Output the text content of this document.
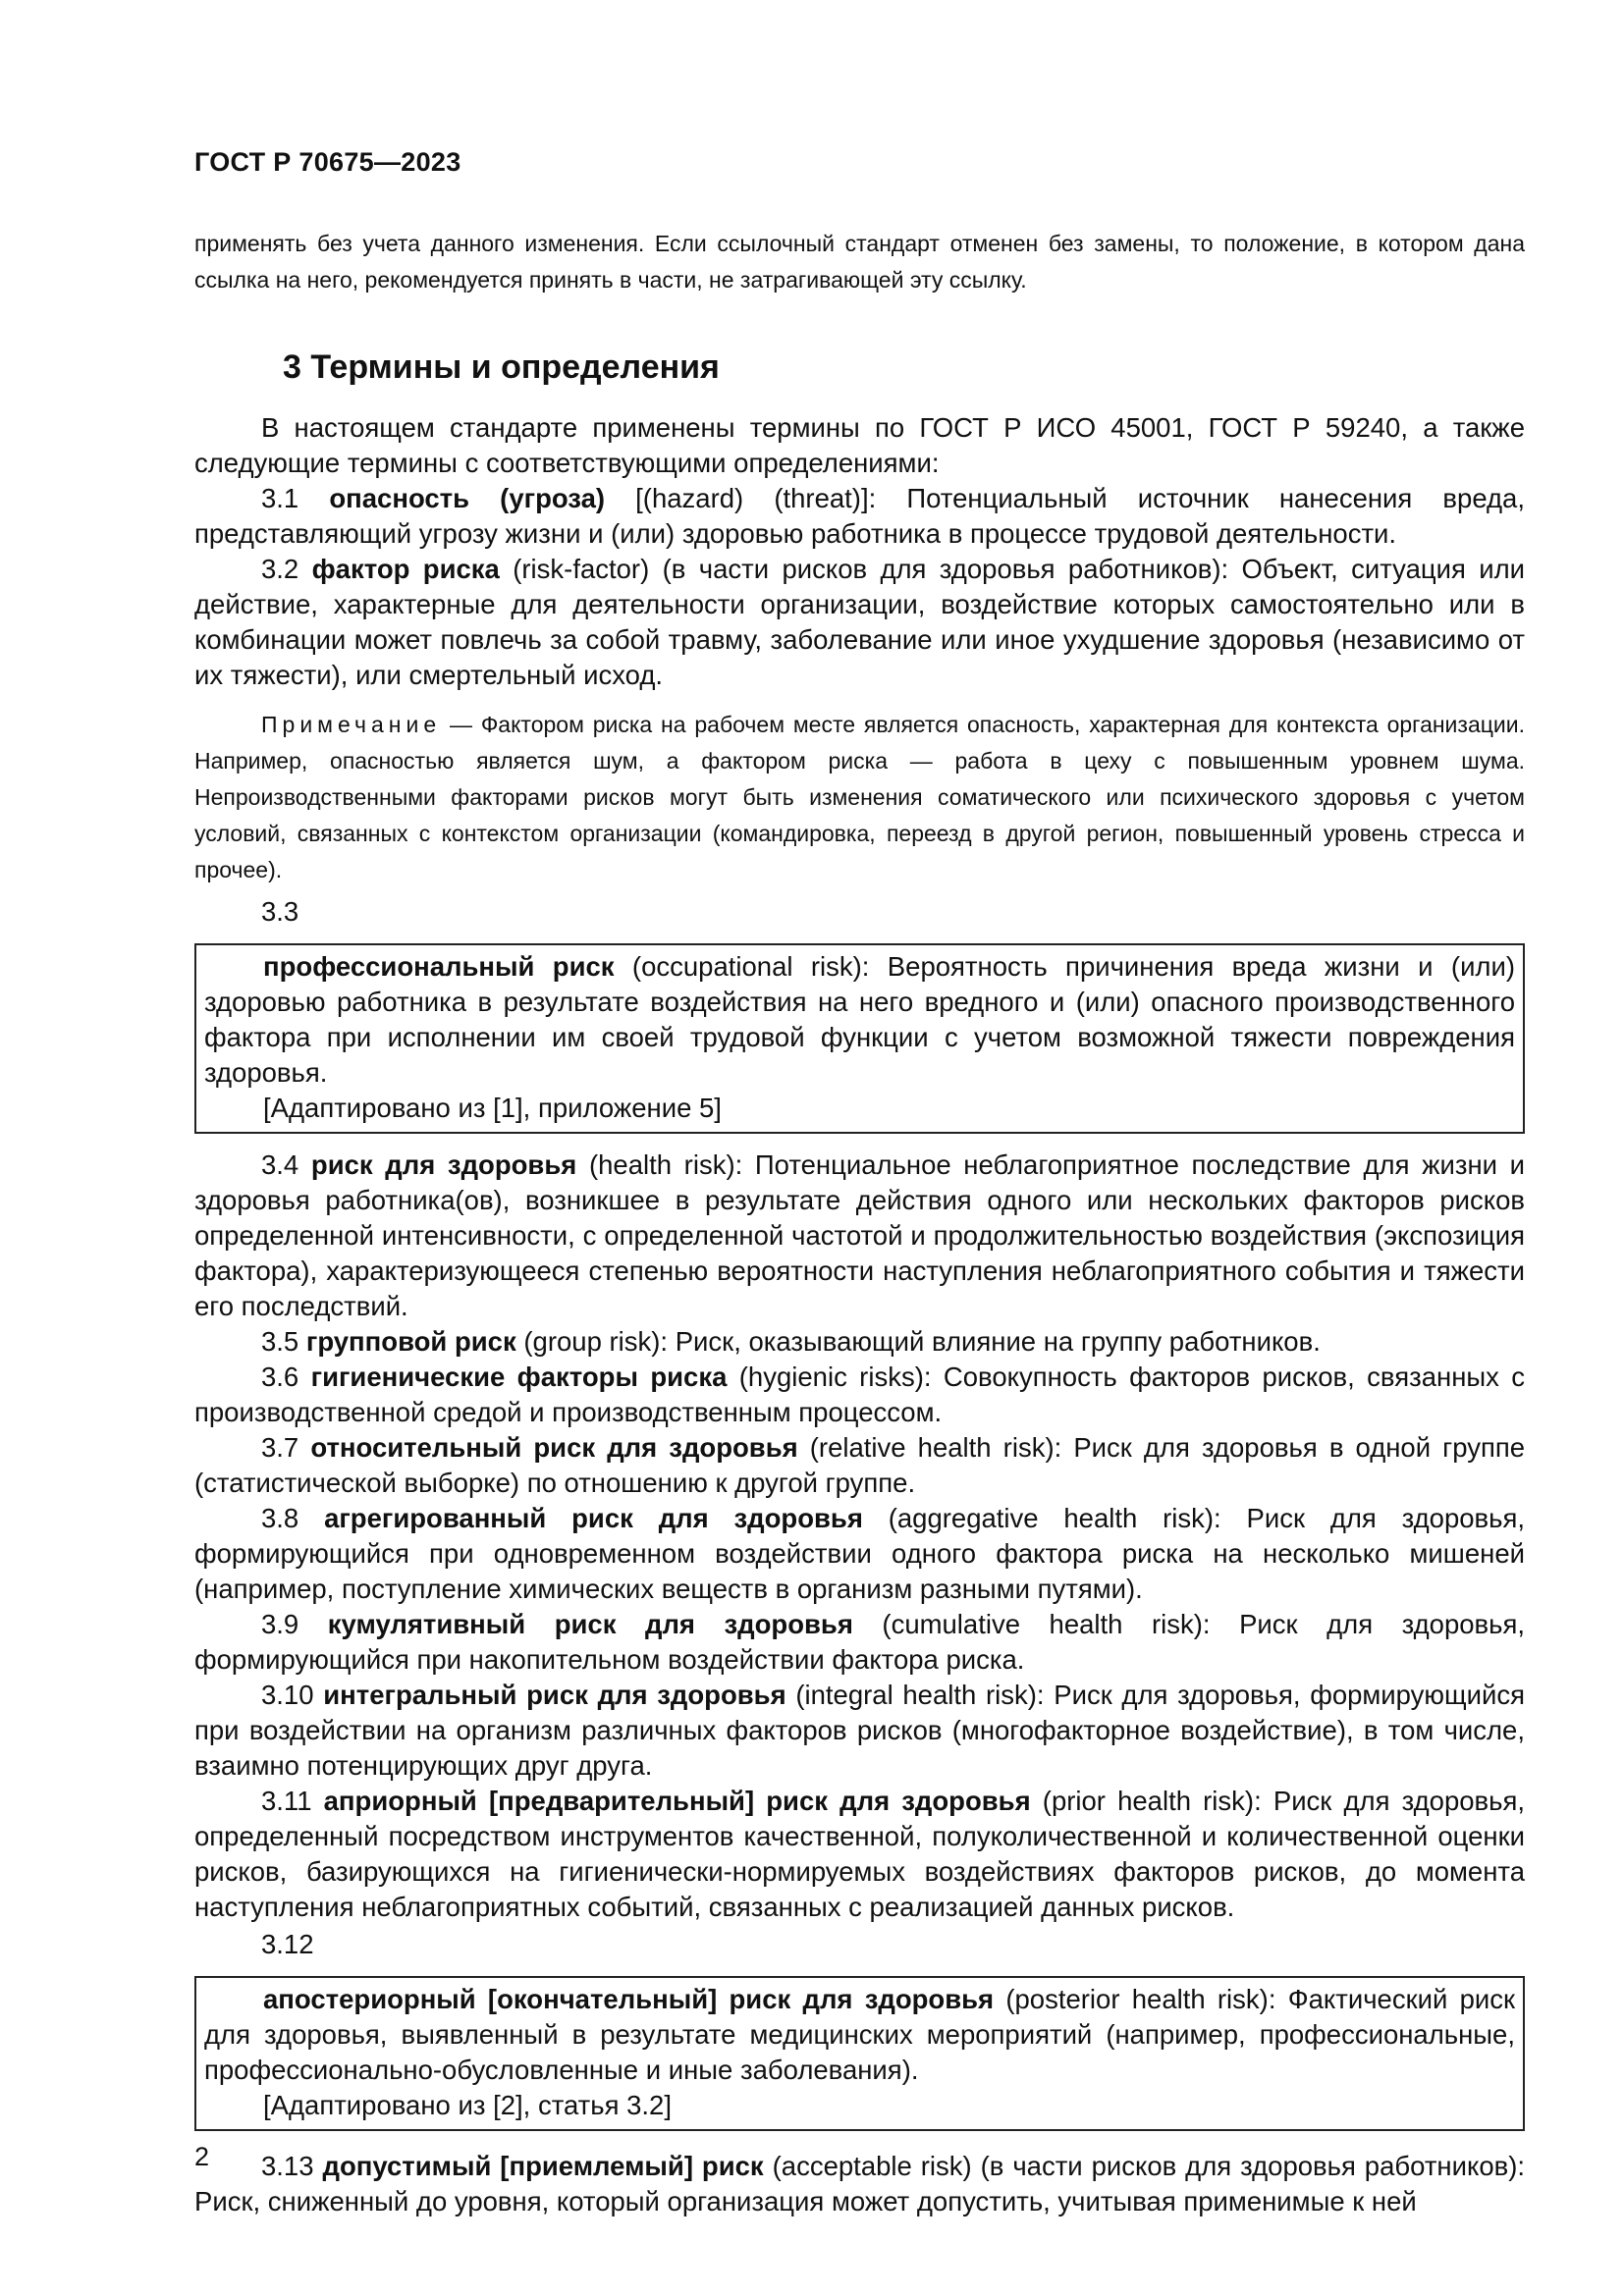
ГОСТ Р 70675—2023

применять без учета данного изменения. Если ссылочный стандарт отменен без замены, то положение, в котором дана ссылка на него, рекомендуется принять в части, не затрагивающей эту ссылку.

3 Термины и определения

В настоящем стандарте применены термины по ГОСТ Р ИСО 45001, ГОСТ Р 59240, а также следующие термины с соответствующими определениями:

3.1 опасность (угроза) [(hazard) (threat)]: Потенциальный источник нанесения вреда, представляющий угрозу жизни и (или) здоровью работника в процессе трудовой деятельности.

3.2 фактор риска (risk-factor) (в части рисков для здоровья работников): Объект, ситуация или действие, характерные для деятельности организации, воздействие которых самостоятельно или в комбинации может повлечь за собой травму, заболевание или иное ухудшение здоровья (независимо от их тяжести), или смертельный исход.

Примечание — Фактором риска на рабочем месте является опасность, характерная для контекста организации. Например, опасностью является шум, а фактором риска — работа в цеху с повышенным уровнем шума. Непроизводственными факторами рисков могут быть изменения соматического или психического здоровья с учетом условий, связанных с контекстом организации (командировка, переезд в другой регион, повышенный уровень стресса и прочее).

3.3

профессиональный риск (occupational risk): Вероятность причинения вреда жизни и (или) здоровью работника в результате воздействия на него вредного и (или) опасного производственного фактора при исполнении им своей трудовой функции с учетом возможной тяжести повреждения здоровья.

[Адаптировано из [1], приложение 5]

3.4 риск для здоровья (health risk): Потенциальное неблагоприятное последствие для жизни и здоровья работника(ов), возникшее в результате действия одного или нескольких факторов рисков определенной интенсивности, с определенной частотой и продолжительностью воздействия (экспозиция фактора), характеризующееся степенью вероятности наступления неблагоприятного события и тяжести его последствий.

3.5 групповой риск (group risk): Риск, оказывающий влияние на группу работников.

3.6 гигиенические факторы риска (hygienic risks): Совокупность факторов рисков, связанных с производственной средой и производственным процессом.

3.7 относительный риск для здоровья (relative health risk): Риск для здоровья в одной группе (статистической выборке) по отношению к другой группе.

3.8 агрегированный риск для здоровья (aggregative health risk): Риск для здоровья, формирующийся при одновременном воздействии одного фактора риска на несколько мишеней (например, поступление химических веществ в организм разными путями).

3.9 кумулятивный риск для здоровья (cumulative health risk): Риск для здоровья, формирующийся при накопительном воздействии фактора риска.

3.10 интегральный риск для здоровья (integral health risk): Риск для здоровья, формирующийся при воздействии на организм различных факторов рисков (многофакторное воздействие), в том числе, взаимно потенцирующих друг друга.

3.11 априорный [предварительный] риск для здоровья (prior health risk): Риск для здоровья, определенный посредством инструментов качественной, полуколичественной и количественной оценки рисков, базирующихся на гигиенически-нормируемых воздействиях факторов рисков, до момента наступления неблагоприятных событий, связанных с реализацией данных рисков.

3.12

апостериорный [окончательный] риск для здоровья (posterior health risk): Фактический риск для здоровья, выявленный в результате медицинских мероприятий (например, профессиональные, профессионально-обусловленные и иные заболевания).

[Адаптировано из [2], статья 3.2]

3.13 допустимый [приемлемый] риск (acceptable risk) (в части рисков для здоровья работников): Риск, сниженный до уровня, который организация может допустить, учитывая применимые к ней

2
